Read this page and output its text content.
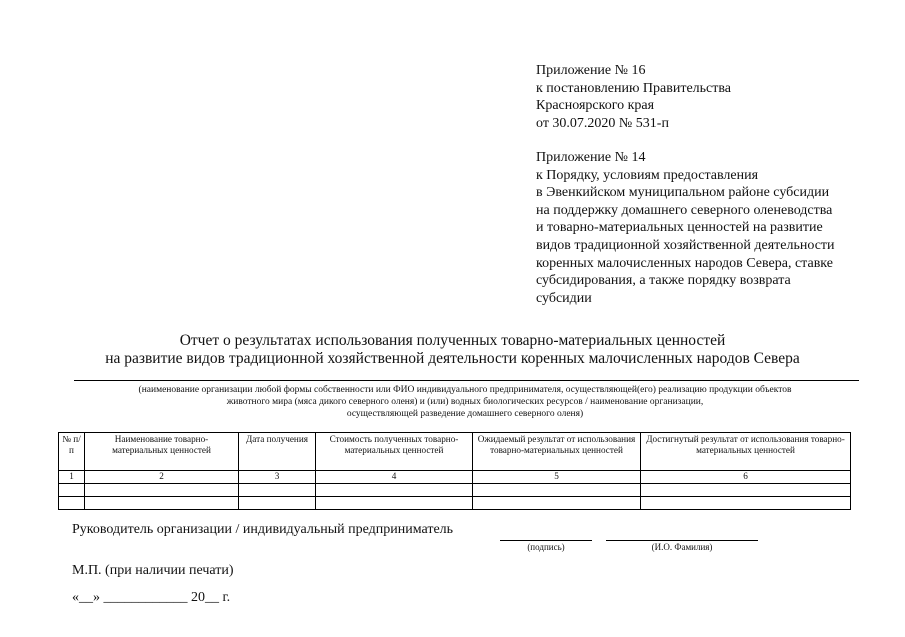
Приложение № 16
к постановлению Правительства
Красноярского края
от 30.07.2020 № 531-п
Приложение № 14
к Порядку, условиям предоставления
в Эвенкийском муниципальном районе субсидии
на поддержку домашнего северного оленеводства
и товарно-материальных ценностей на развитие
видов традиционной хозяйственной деятельности
коренных малочисленных народов Севера, ставке
субсидирования, а также порядку возврата
субсидии
Отчет о результатах использования полученных товарно-материальных ценностей
на развитие видов традиционной хозяйственной деятельности коренных малочисленных народов Севера
(наименование организации любой формы собственности или ФИО индивидуального предпринимателя, осуществляющей(его) реализацию продукции объектов
животного мира (мяса дикого северного оленя) и (или) водных биологических ресурсов / наименование организации,
осуществляющей разведение домашнего северного оленя)
№ п/п	Наименование товарно-материальных ценностей	Дата получения	Стоимость полученных товарно-материальных ценностей	Ожидаемый результат от использования товарно-материальных ценностей	Достигнутый результат от использования товарно-материальных ценностей
1	2	3	4	5	6

Руководитель организации / индивидуальный предприниматель
(подпись)	(И.О. Фамилия)
М.П. (при наличии печати)
«__» ____________ 20__ г.
